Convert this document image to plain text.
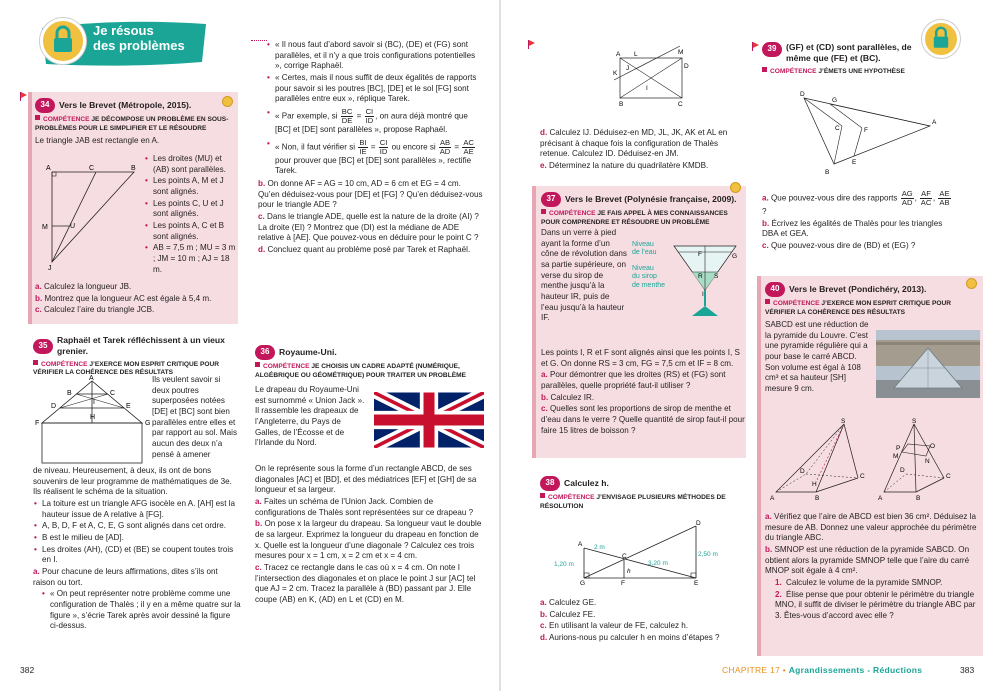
Je résous
des problèmes
34	Vers le Brevet (Métropole, 2015).
COMPÉTENCE JE DÉCOMPOSE UN PROBLÈME EN SOUS-PROBLÈMES POUR LE SIMPLIFIER ET LE RÉSOUDRE
Le triangle JAB est rectangle en A.
A	C	B
M	U
J
• Les droites (MU) et (AB) sont parallèles.
• Les points A, M et J sont alignés.
• Les points C, U et J sont alignés.
• Les points A, C et B sont alignés.
• AB = 7,5 m ; MU = 3 m ; JM = 10 m ; AJ = 18 m.
a. Calculez la longueur JB.
b. Montrez que la longueur AC est égale à 5,4 m.
c. Calculez l’aire du triangle JCB.
35
Raphaël et Tarek réfléchissent à un vieux grenier.
COMPÉTENCE J’EXERCE MON ESPRIT CRITIQUE POUR VÉRIFIER LA COHÉRENCE DES RÉSULTATS
A
B	C
D	E
I
F	G
H
Ils veulent savoir si deux poutres superposées notées [DE] et [BC] sont bien parallèles entre elles et par rapport au sol. Mais aucun des deux n’a pensé à amener
de niveau. Heureusement, à deux, ils ont de bons souvenirs de leur programme de mathématiques de 3e. Ils réalisent le schéma de la situation.
• La toiture est un triangle AFG isocèle en A. [AH] est la hauteur issue de A relative à [FG].
• A, B, D, F et A, C, E, G sont alignés dans cet ordre.
• B est le milieu de [AD].
• Les droites (AH), (CD) et (BE) se coupent toutes trois en I.
a. Pour chacune de leurs affirmations, dites s’ils ont raison ou tort.
• « On peut représenter notre problème comme une configuration de Thalès ; il y en a même quatre sur la figure », s’écrie Tarek après avoir dessiné la figure ci-dessus.
• « Il nous faut d’abord savoir si (BC), (DE) et (FG) sont parallèles, et il n’y a que trois configurations potentielles », corrige Raphaël.
• « Certes, mais il nous suffit de deux égalités de rapports pour savoir si les poutres [BC], [DE] et le sol [FG] sont parallèles entre eux », réplique Tarek.
• « Par exemple, si $\frac{BC}{DE} = \frac{CI}{ID}$ , on aura déjà montré que [BC] et [DE] sont parallèles », propose Raphaël.
• « Non, il faut vérifier si $\frac{BI}{IE} = \frac{CI}{ID}$ ou encore si $\frac{AB}{AD} = \frac{AC}{AE}$
pour prouver que [BC] et [DE] sont parallèles », rectifie Tarek.
b. On donne AF = AG = 10 cm, AD = 6 cm et EG = 4 cm. Qu’en déduisez-vous pour [DE] et [FG] ? Qu’en déduisez-vous pour le triangle ADE ?
c. Dans le triangle ADE, quelle est la nature de la droite (AI) ? La droite (EI) ? Montrez que (DI) est la médiane de ADE relative à [AE]. Que pouvez-vous en déduire pour le point C ?
d. Concluez quant au problème posé par Tarek et Raphaël.
36	Royaume-Uni.
COMPÉTENCE JE CHOISIS UN CADRE ADAPTÉ (NUMÉRIQUE, ALGÉBRIQUE OU GÉOMÉTRIQUE) POUR TRAITER UN PROBLÈME
Le drapeau du Royaume-Uni est surnommé « Union Jack ». Il rassemble les drapeaux de l’Angleterre, du Pays de Galles, de l’Écosse et de l’Irlande du Nord.
On le représente sous la forme d’un rectangle ABCD, de ses diagonales [AC] et [BD], et des médiatrices [EF] et [GH] de sa longueur et sa largeur.
a. Faites un schéma de l’Union Jack. Combien de configurations de Thalès sont représentées sur ce drapeau ?
b. On pose x la largeur du drapeau. Sa longueur vaut le double de sa largeur. Exprimez la longueur du drapeau en fonction de x. Quelle est la longueur d’une diagonale ? Calculez ces trois mesures pour x = 1 cm, x = 2 cm et x = 4 cm.
c. Tracez ce rectangle dans le cas où x = 4 cm. On note I l’intersection des diagonales et on place le point J sur [AC] tel que AJ = 2 cm. Tracez la parallèle à (BD) passant par J. Elle coupe (AB) en K, (AD) en L et (CD) en M.
A L	M
K
J
I
D
B	C
d. Calculez IJ. Déduisez-en MD, JL, JK, AK et AL en précisant à chaque fois la configuration de Thalès retenue. Calculez ID. Déduisez-en JM.
e. Déterminez la nature du quadrilatère KMDB.
37	Vers le Brevet (Polynésie française, 2009).
COMPÉTENCE JE FAIS APPEL À MES CONNAISSANCES POUR COMPRENDRE ET RÉSOUDRE UN PROBLÈME
Dans un verre à pied ayant la forme d’un cône de révolution dans sa partie supérieure, on verse du sirop de menthe jusqu’à la hauteur IR, puis de l’eau jusqu’à la hauteur IF.
Niveau
de l’eau
Niveau
du sirop
de menthe
F	G
R S
I
Les points I, R et F sont alignés ainsi que les points I, S et G. On donne RS = 3 cm, FG = 7,5 cm et IF = 8 cm.
a. Pour démontrer que les droites (RS) et (FG) sont parallèles, quelle propriété faut-il utiliser ?
b. Calculez IR.
c. Quelles sont les proportions de sirop de menthe et d’eau dans le verre ? Quelle quantité de sirop faut-il pour faire 15 litres de boisson ?
38	Calculez h.
COMPÉTENCE J’ENVISAGE PLUSIEURS MÉTHODES DE RÉSOLUTION
A
D
C
G	F	E
2 m
1,20 m	3,20 m
2,50 m
h
a. Calculez GE.
b. Calculez FE.
c. En utilisant la valeur de FE, calculez h.
d. Aurions-nous pu calculer h en moins d’étapes ?
39	(GF) et (CD) sont parallèles, de même que (FE) et (BC).
COMPÉTENCE J’ÉMETS UNE HYPOTHÈSE
D
G
A
C	F
E
B
a. Que pouvez-vous dire des rapports $\frac{AG}{AD}$ , $\frac{AF}{AC}$ , $\frac{AE}{AB}$
?
b. Écrivez les égalités de Thalès pour les triangles DBA et GEA.
c. Que pouvez-vous dire de (BD) et (EG) ?
40	Vers le Brevet (Pondichéry, 2013).
COMPÉTENCE J’EXERCE MON ESPRIT CRITIQUE POUR VÉRIFIER LA COHÉRENCE DES RÉSULTATS
SABCD est une réduction de la pyramide du Louvre. C’est une pyramide régulière qui a pour base le carré ABCD. Son volume est égal à 108 cm³ et sa hauteur [SH] mesure 9 cm.
S
A	B
C
D
H
S
P	O
M
N
D
A	B
C
a. Vérifiez que l’aire de ABCD est bien 36 cm². Déduisez la mesure de AB. Donnez une valeur approchée du périmètre du triangle ABC.
b. SMNOP est une réduction de la pyramide SABCD. On obtient alors la pyramide SMNOP telle que l’aire du carré MNOP soit égale à 4 cm².
1. Calculez le volume de la pyramide SMNOP.
2. Élise pense que pour obtenir le périmètre du triangle MNO, il suffit de diviser le périmètre du triangle ABC par 3. Êtes-vous d’accord avec elle ?
382	CHAPITRE 17 • Agrandissements - Réductions	383
